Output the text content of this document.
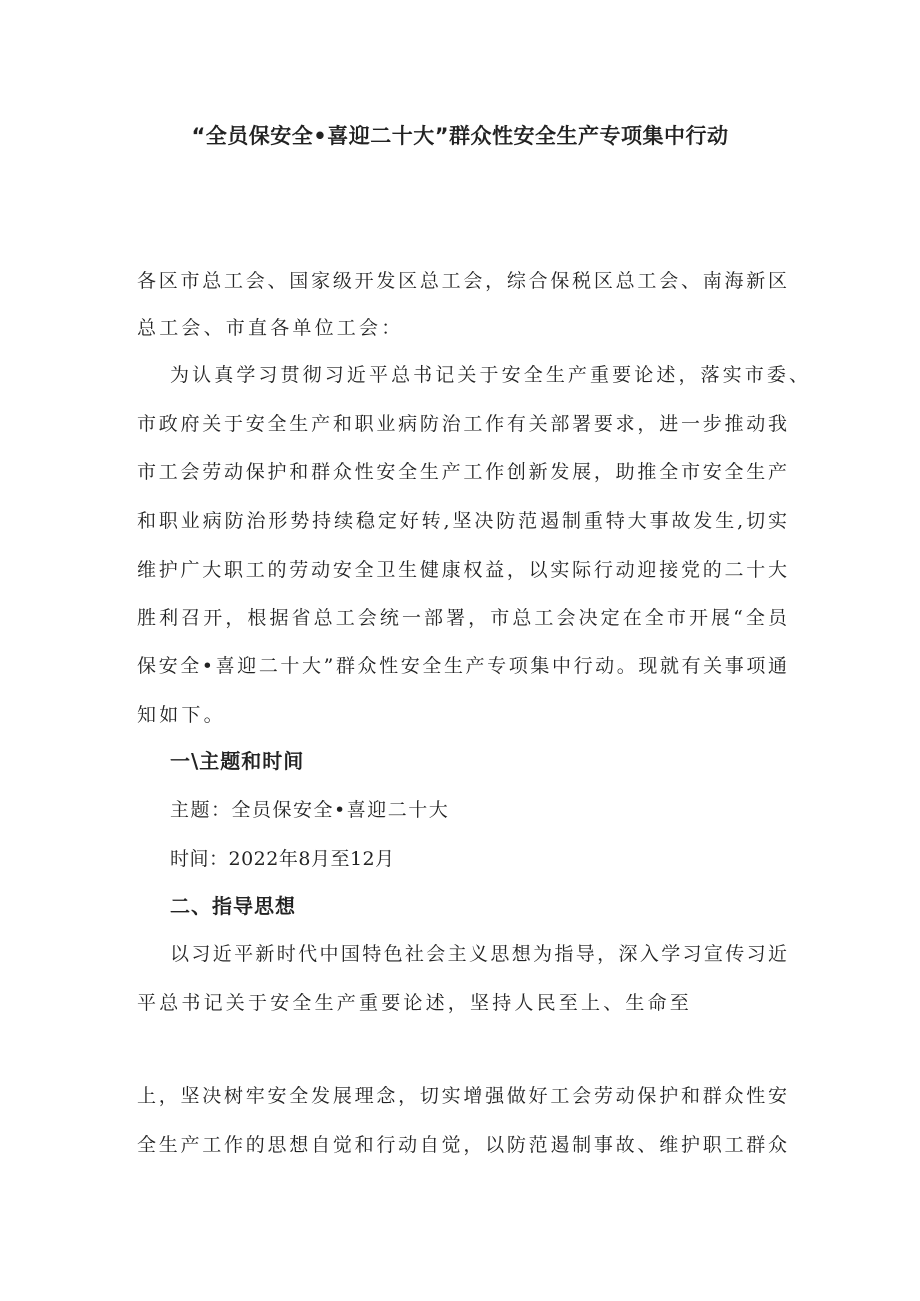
“全员保安全•喜迎二十大”群众性安全生产专项集中行动
各区市总工会、国家级开发区总工会，综合保税区总工会、南海新区
总工会、市直各单位工会：
为认真学习贯彻习近平总书记关于安全生产重要论述，落实市委、
市政府关于安全生产和职业病防治工作有关部署要求，进一步推动我
市工会劳动保护和群众性安全生产工作创新发展，助推全市安全生产
和职业病防治形势持续稳定好转,坚决防范遏制重特大事故发生,切实
维护广大职工的劳动安全卫生健康权益，以实际行动迎接党的二十大
胜利召开，根据省总工会统一部署，市总工会决定在全市开展“全员
保安全•喜迎二十大”群众性安全生产专项集中行动。现就有关事项通
知如下。
一\主题和时间
主题：全员保安全•喜迎二十大
时间：2022年8月至12月
二、指导思想
以习近平新时代中国特色社会主义思想为指导，深入学习宣传习近
平总书记关于安全生产重要论述，坚持人民至上、生命至
上，坚决树牢安全发展理念，切实增强做好工会劳动保护和群众性安
全生产工作的思想自觉和行动自觉，以防范遏制事故、维护职工群众
